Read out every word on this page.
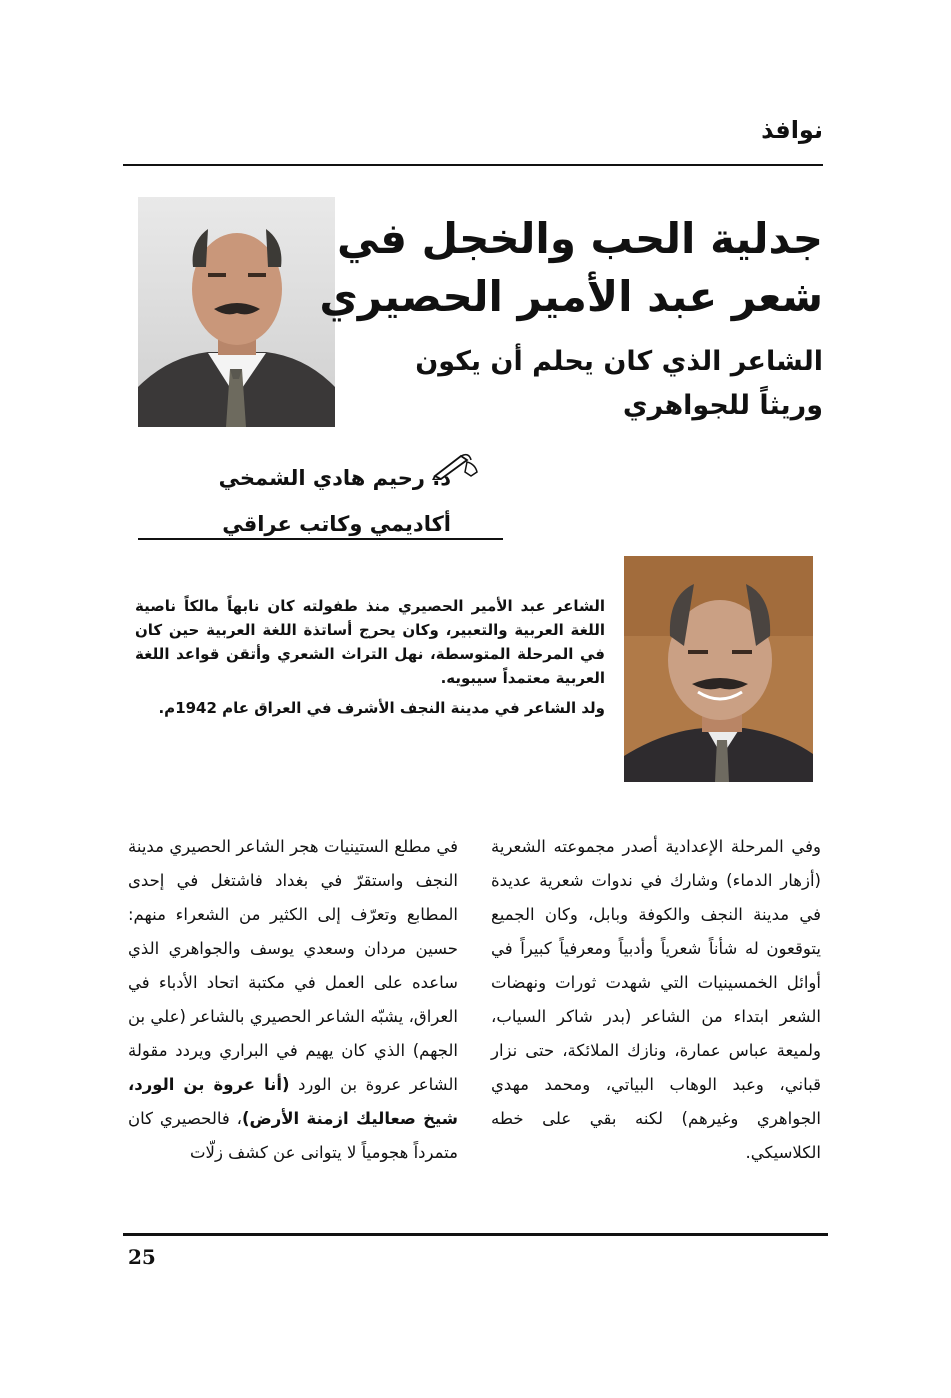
نوافذ
جدلية الحب والخجل في
شعر عبد الأمير الحصيري
الشاعر الذي كان يحلم أن يكون
وريثاً للجواهري
د. رحيم هادي الشمخي
أكاديمي وكاتب عراقي

الشاعر عبد الأمير الحصيري منذ طفولته كان نابهاً مالكاً ناصية اللغة العربية والتعبير، وكان يحرج أساتذة اللغة العربية حين كان في المرحلة المتوسطة، نهل التراث الشعري وأتقن قواعد اللغة العربية معتمداً سيبويه.

ولد الشاعر في مدينة النجف الأشرف في العراق عام 1942م.

وفي المرحلة الإعدادية أصدر مجموعته الشعرية (أزهار الدماء) وشارك في ندوات شعرية عديدة في مدينة النجف والكوفة وبابل، وكان الجميع يتوقعون له شأناً شعرياً وأدبياً ومعرفياً كبيراً في أوائل الخمسينيات التي شهدت ثورات ونهضات الشعر ابتداء من الشاعر (بدر شاكر السياب، ولميعة عباس عمارة، ونازك الملائكة، حتى نزار قباني، وعبد الوهاب البياتي، ومحمد مهدي الجواهري وغيرهم) لكنه بقي على خطه الكلاسيكي.

في مطلع الستينيات هجر الشاعر الحصيري مدينة النجف واستقرّ في بغداد فاشتغل في إحدى المطابع وتعرّف إلى الكثير من الشعراء منهم: حسين مردان وسعدي يوسف والجواهري الذي ساعده على العمل في مكتبة اتحاد الأدباء في العراق، يشبّه الشاعر الحصيري بالشاعر (علي بن الجهم) الذي كان يهيم في البراري ويردد مقولة الشاعر عروة بن الورد (أنا عروة بن الورد، شيخ صعاليك ازمنة الأرض)، فالحصيري كان متمرداً هجومياً لا يتوانى عن كشف زلّات

25
